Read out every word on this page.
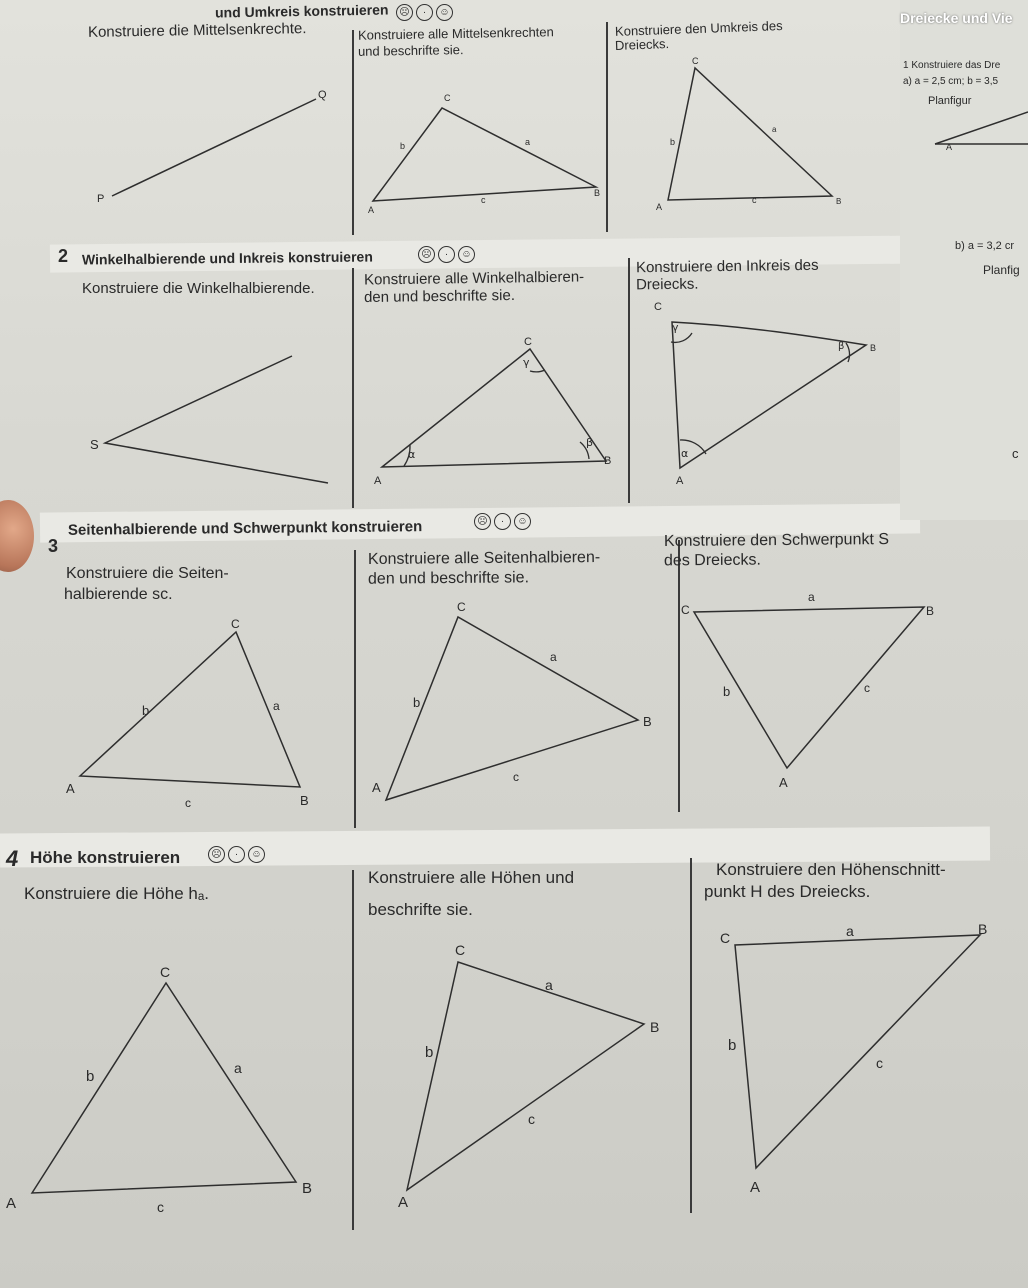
und Umkreis konstruieren	☹ · ☺

Konstruiere die Mittelsenkrechte.	Konstruiere alle Mittelsenkrechten

und beschrifte sie.

Konstruiere den Umkreis des

Dreiecks.

Dreiecke und Vie

1 Konstruiere das Dre

a) a = 2,5 cm; b = 3,5

Planfigur

A

b) a = 3,2 cr

Planfig

c

2 Winkelhalbierende und Inkreis konstruieren	☹ · ☺

Konstruiere die Winkelhalbierende.	Konstruiere alle Winkelhalbieren-

den und beschrifte sie.

Konstruiere den Inkreis des

Dreiecks.

3

Seitenhalbierende und Schwerpunkt konstruieren	☹ · ☺

Konstruiere die Seiten-

halbierende sᴄ.

Konstruiere alle Seitenhalbieren-

den und beschrifte sie.

Konstruiere den Schwerpunkt S

des Dreiecks.

4 Höhe konstruieren	☹ · ☺

Konstruiere die Höhe hₐ.

Konstruiere alle Höhen und

beschrifte sie.

Konstruiere den Höhenschnitt-

punkt H des Dreiecks.

Q
P
C
b	a
c
A
B
C
b
a
c
A
B
S
C
γ
α
β
A
B
C
γ
β	B
α
A
C
b	a
c
A
B
C
a
b
B
c
A
C
a
B
b	c
A
C
b	a
c
A
B
C
a
B
b
c
A
C	a	B
b
c
A
